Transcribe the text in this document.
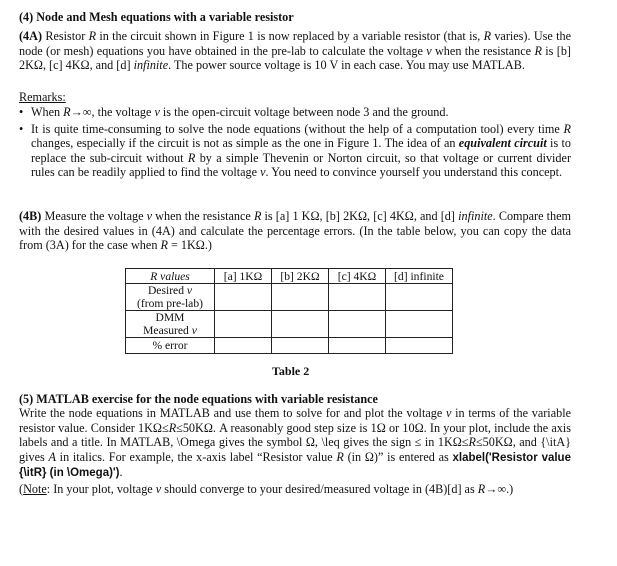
(4) Node and Mesh equations with a variable resistor
(4A) Resistor R in the circuit shown in Figure 1 is now replaced by a variable resistor (that is, R varies). Use the node (or mesh) equations you have obtained in the pre-lab to calculate the voltage v when the resistance R is [b] 2KΩ, [c] 4KΩ, and [d] infinite. The power source voltage is 10 V in each case. You may use MATLAB.
Remarks:
• When R→∞, the voltage v is the open-circuit voltage between node 3 and the ground.
• It is quite time-consuming to solve the node equations (without the help of a computation tool) every time R changes, especially if the circuit is not as simple as the one in Figure 1. The idea of an equivalent circuit is to replace the sub-circuit without R by a simple Thevenin or Norton circuit, so that voltage or current divider rules can be readily applied to find the voltage v. You need to convince yourself you understand this concept.
(4B) Measure the voltage v when the resistance R is [a] 1 KΩ, [b] 2KΩ, [c] 4KΩ, and [d] infinite. Compare them with the desired values in (4A) and calculate the percentage errors. (In the table below, you can copy the data from (3A) for the case when R = 1KΩ.)
R values	[a] 1KΩ	[b] 2KΩ	[c] 4KΩ	[d] infinite
Desired v
(from pre-lab)				
DMM
Measured v				
% error				
Table 2
(5) MATLAB exercise for the node equations with variable resistance
Write the node equations in MATLAB and use them to solve for and plot the voltage v in terms of the variable resistor value. Consider 1KΩ≤R≤50KΩ. A reasonably good step size is 1Ω or 10Ω. In your plot, include the axis labels and a title. In MATLAB, \Omega gives the symbol Ω, \leq gives the sign ≤ in 1KΩ≤R≤50KΩ, and {\itA} gives A in italics. For example, the x-axis label “Resistor value R (in Ω)” is entered as xlabel('Resistor value {\itR} (in \Omega)').
(Note: In your plot, voltage v should converge to your desired/measured voltage in (4B)[d] as R→∞.)
